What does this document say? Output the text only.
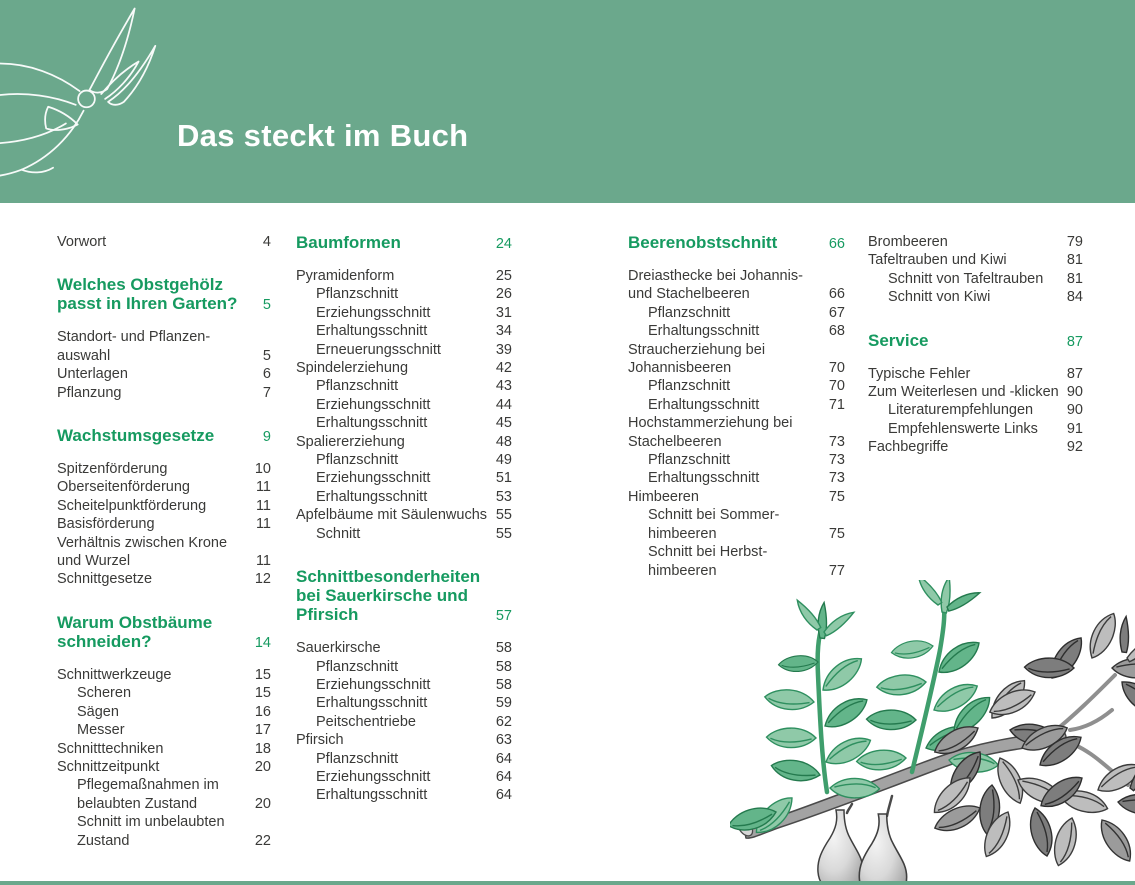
Das steckt im Buch
Vorwort	4
Welches Obstgehölz
passt in Ihren Garten?	5
Standort- und Pflanzen-
auswahl	5
Unterlagen	6
Pflanzung	7
Wachstumsgesetze	9
Spitzenförderung	10
Oberseitenförderung	11
Scheitelpunktförderung	11
Basisförderung	11
Verhältnis zwischen Krone
und Wurzel	11
Schnittgesetze	12
Warum Obstbäume
schneiden?	14
Schnittwerkzeuge	15
Scheren	15
Sägen	16
Messer	17
Schnitttechniken	18
Schnittzeitpunkt	20
Pflegemaßnahmen im
belaubten Zustand	20
Schnitt im unbelaubten
Zustand	22
Baumformen	24
Pyramidenform	25
Pflanzschnitt	26
Erziehungsschnitt	31
Erhaltungsschnitt	34
Erneuerungsschnitt	39
Spindelerziehung	42
Pflanzschnitt	43
Erziehungsschnitt	44
Erhaltungsschnitt	45
Spaliererziehung	48
Pflanzschnitt	49
Erziehungsschnitt	51
Erhaltungsschnitt	53
Apfelbäume mit Säulenwuchs 55
Schnitt	55
Schnittbesonderheiten
bei Sauerkirsche und
Pfirsich	57
Sauerkirsche	58
Pflanzschnitt	58
Erziehungsschnitt	58
Erhaltungsschnitt	59
Peitschentriebe	62
Pfirsich	63
Pflanzschnitt	64
Erziehungsschnitt	64
Erhaltungsschnitt	64
Beerenobstschnitt	66
Dreiasthecke bei Johannis-
und Stachelbeeren	66
Pflanzschnitt	67
Erhaltungsschnitt	68
Straucherziehung bei
Johannisbeeren	70
Pflanzschnitt	70
Erhaltungsschnitt	71
Hochstammerziehung bei
Stachelbeeren	73
Pflanzschnitt	73
Erhaltungsschnitt	73
Himbeeren	75
Schnitt bei Sommer-
himbeeren	75
Schnitt bei Herbst-
himbeeren	77
Brombeeren	79
Tafeltrauben und Kiwi	81
Schnitt von Tafeltrauben	81
Schnitt von Kiwi	84
Service	87
Typische Fehler	87
Zum Weiterlesen und -klicken 90
Literaturempfehlungen	90
Empfehlenswerte Links	91
Fachbegriffe	92
